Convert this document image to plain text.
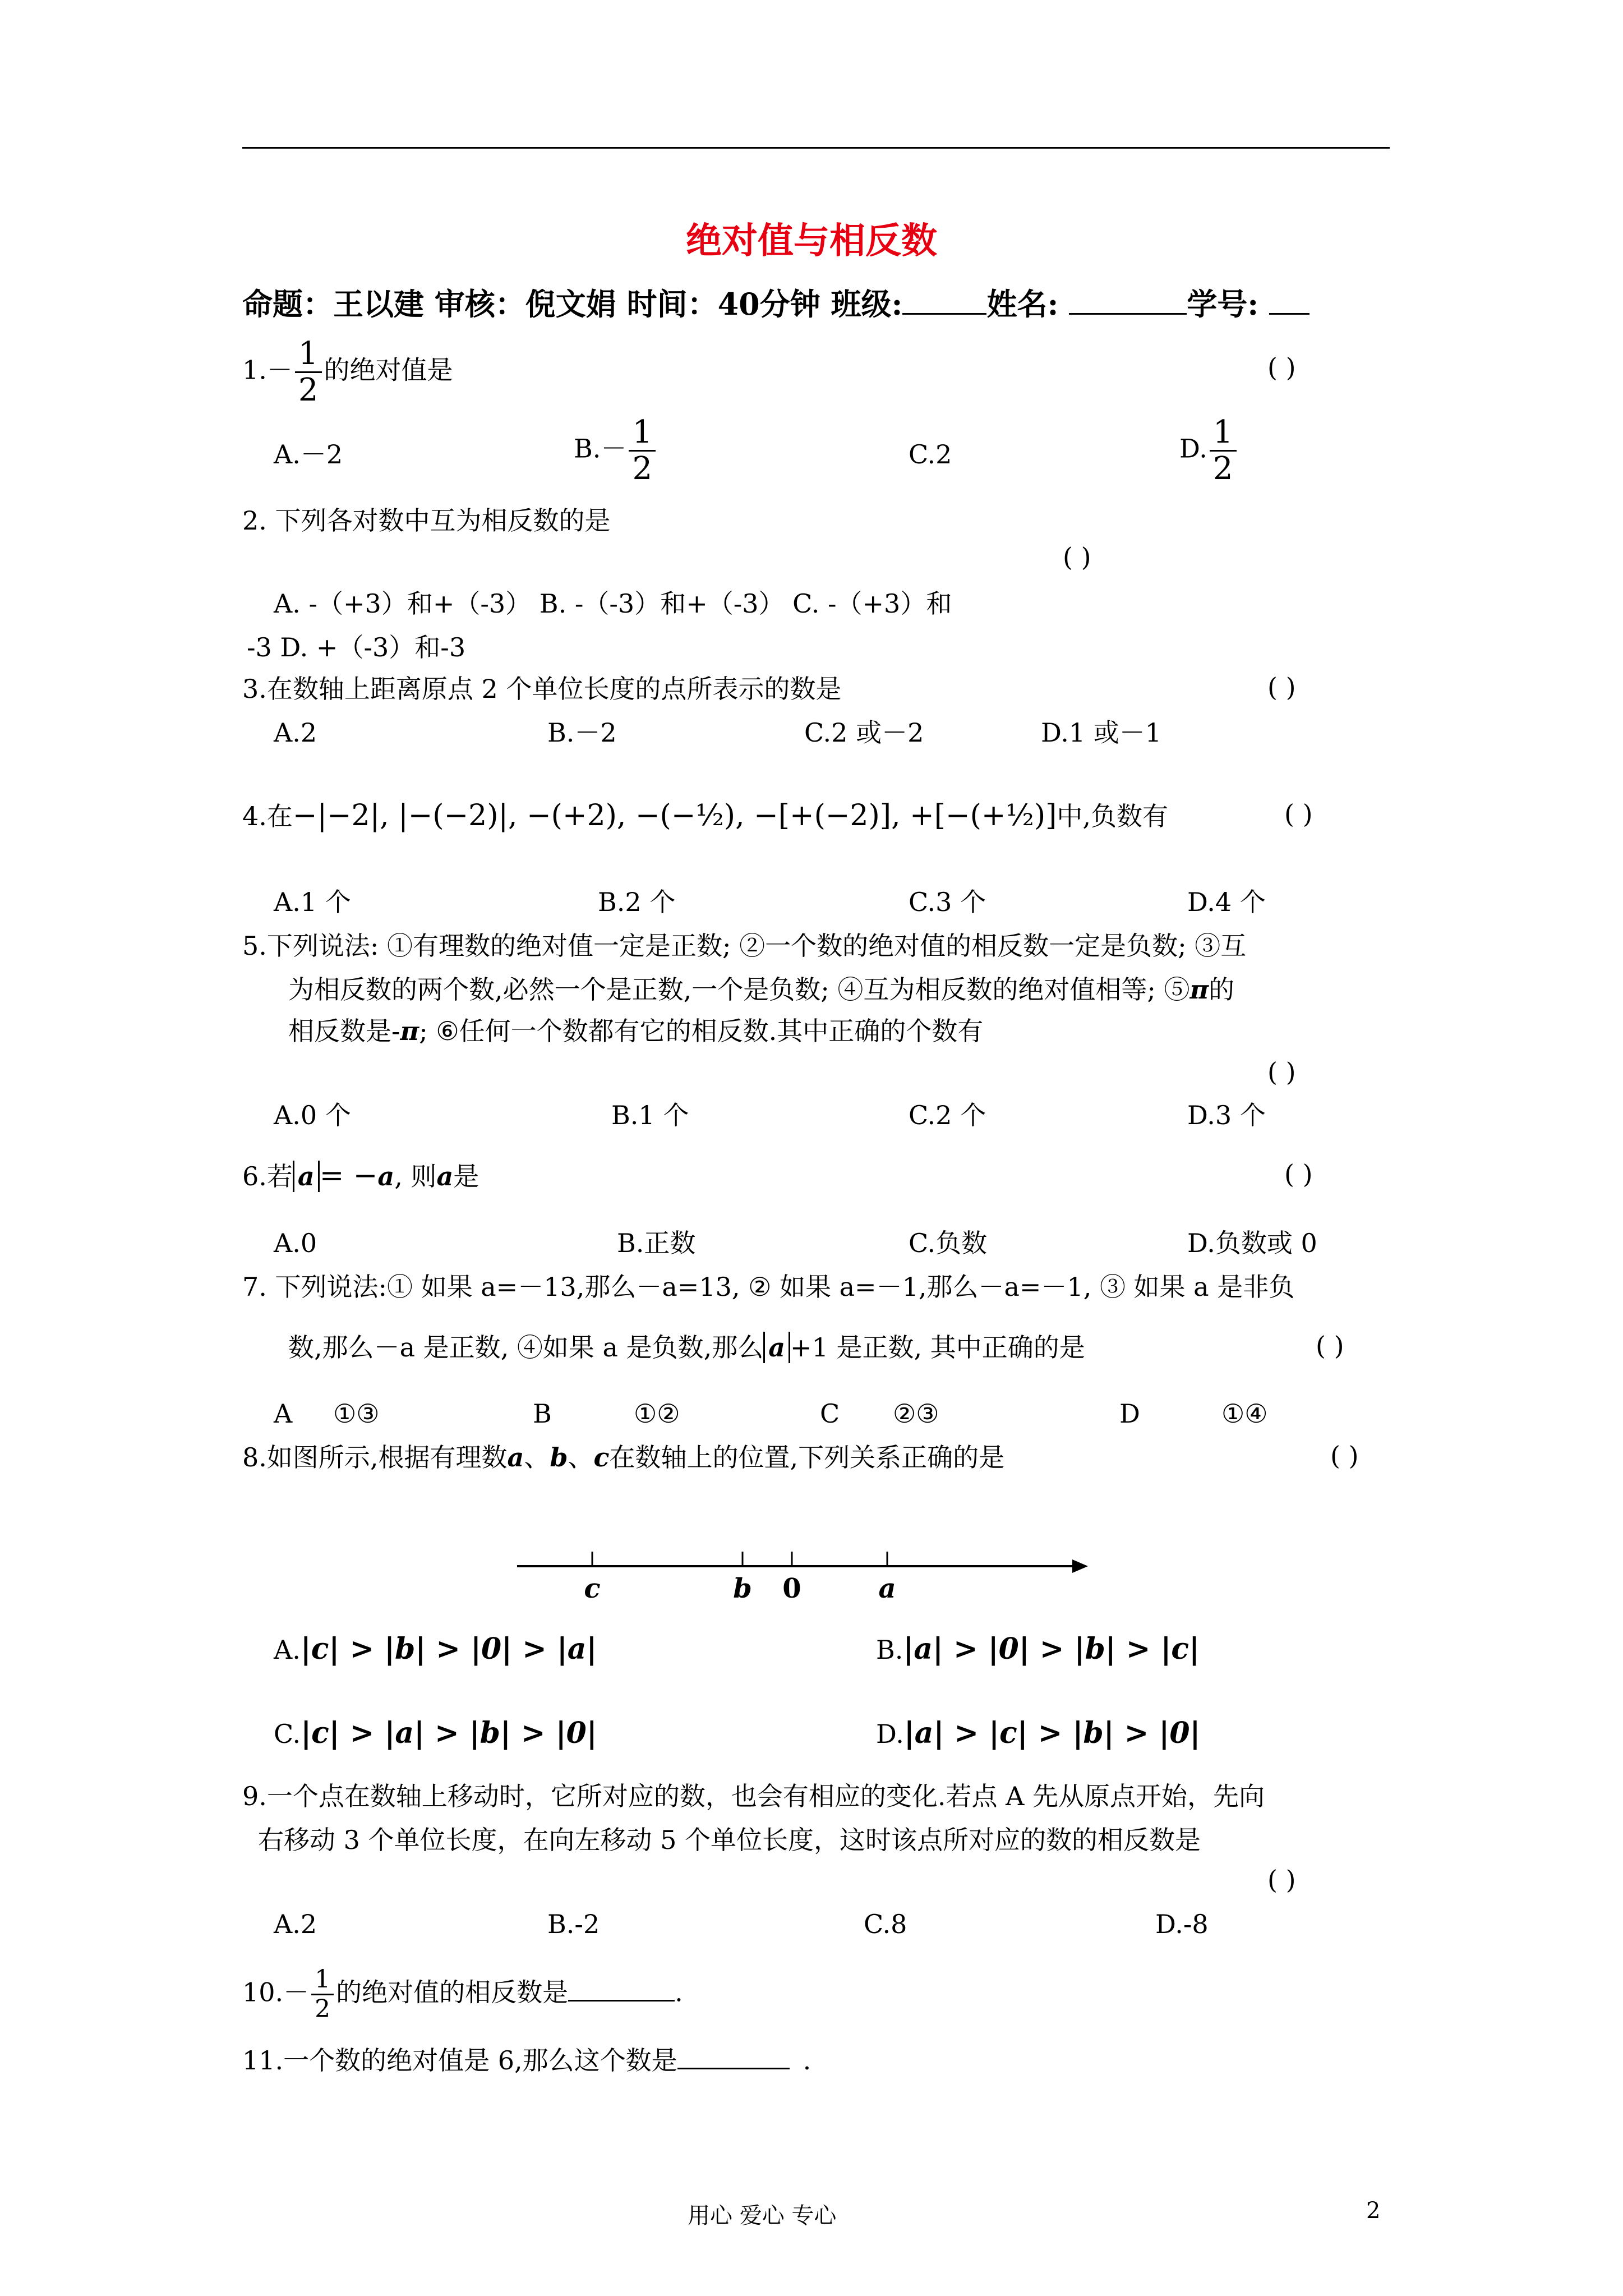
绝对值与相反数
命题：王以建 审核：倪文娟 时间：40分钟 班级:	姓名:	学号:
$1.- \frac{1}{2}$ 的绝对值是	( )
A.－2	$B.- \frac{1}{2}$	C.2	D. $\frac{1}{2}$
2. 下列各对数中互为相反数的是
( )
A. -（+3）和+（-3） B. -（-3）和+（-3） C. -（+3）和
-3 D. +（-3）和-3
3.在数轴上距离原点 2 个单位长度的点所表示的数是	( )
A.2	B.－2	C.2 或－2	D.1 或－1
4.在−|−2|, |−(−2)|, −(+2), −(−½), −[+(−2)], +[−(+½)]中,负数有	( )
A.1 个	B.2 个	C.3 个	D.4 个
5.下列说法: ①有理数的绝对值一定是正数; ②一个数的绝对值的相反数一定是负数; ③互
为相反数的两个数,必然一个是正数,一个是负数; ④互为相反数的绝对值相等; ⑤π的
相反数是-π; ⑥任何一个数都有它的相反数.其中正确的个数有
( )
A.0 个	B.1 个	C.2 个	D.3 个
6.若 a = −a, 则a是	( )
A.0	B.正数	C.负数	D.负数或 0
7. 下列说法:① 如果 a=－13,那么－a=13, ② 如果 a=－1,那么－a=－1, ③ 如果 a 是非负
数,那么－a 是正数, ④如果 a 是负数,那么 a +1 是正数, 其中正确的是	( )
A ①③	B	①②	C ②③	D	①④
8.如图所示,根据有理数a、b、c在数轴上的位置,下列关系正确的是	( )
c	b 0	a
A.|c| > |b| > |0| > |a|	B.|a| > |0| > |b| > |c|
C.|c| > |a| > |b| > |0|	D.|a| > |c| > |b| > |0|
9.一个点在数轴上移动时，它所对应的数，也会有相应的变化.若点 A 先从原点开始，先向
右移动 3 个单位长度，在向左移动 5 个单位长度，这时该点所对应的数的相反数是
( )
A.2	B.-2	C.8	D.-8
$10.- \frac{1}{2}$ 的绝对值的相反数是	.
11.一个数的绝对值是 6,那么这个数是	.
用心 爱心 专心	2
